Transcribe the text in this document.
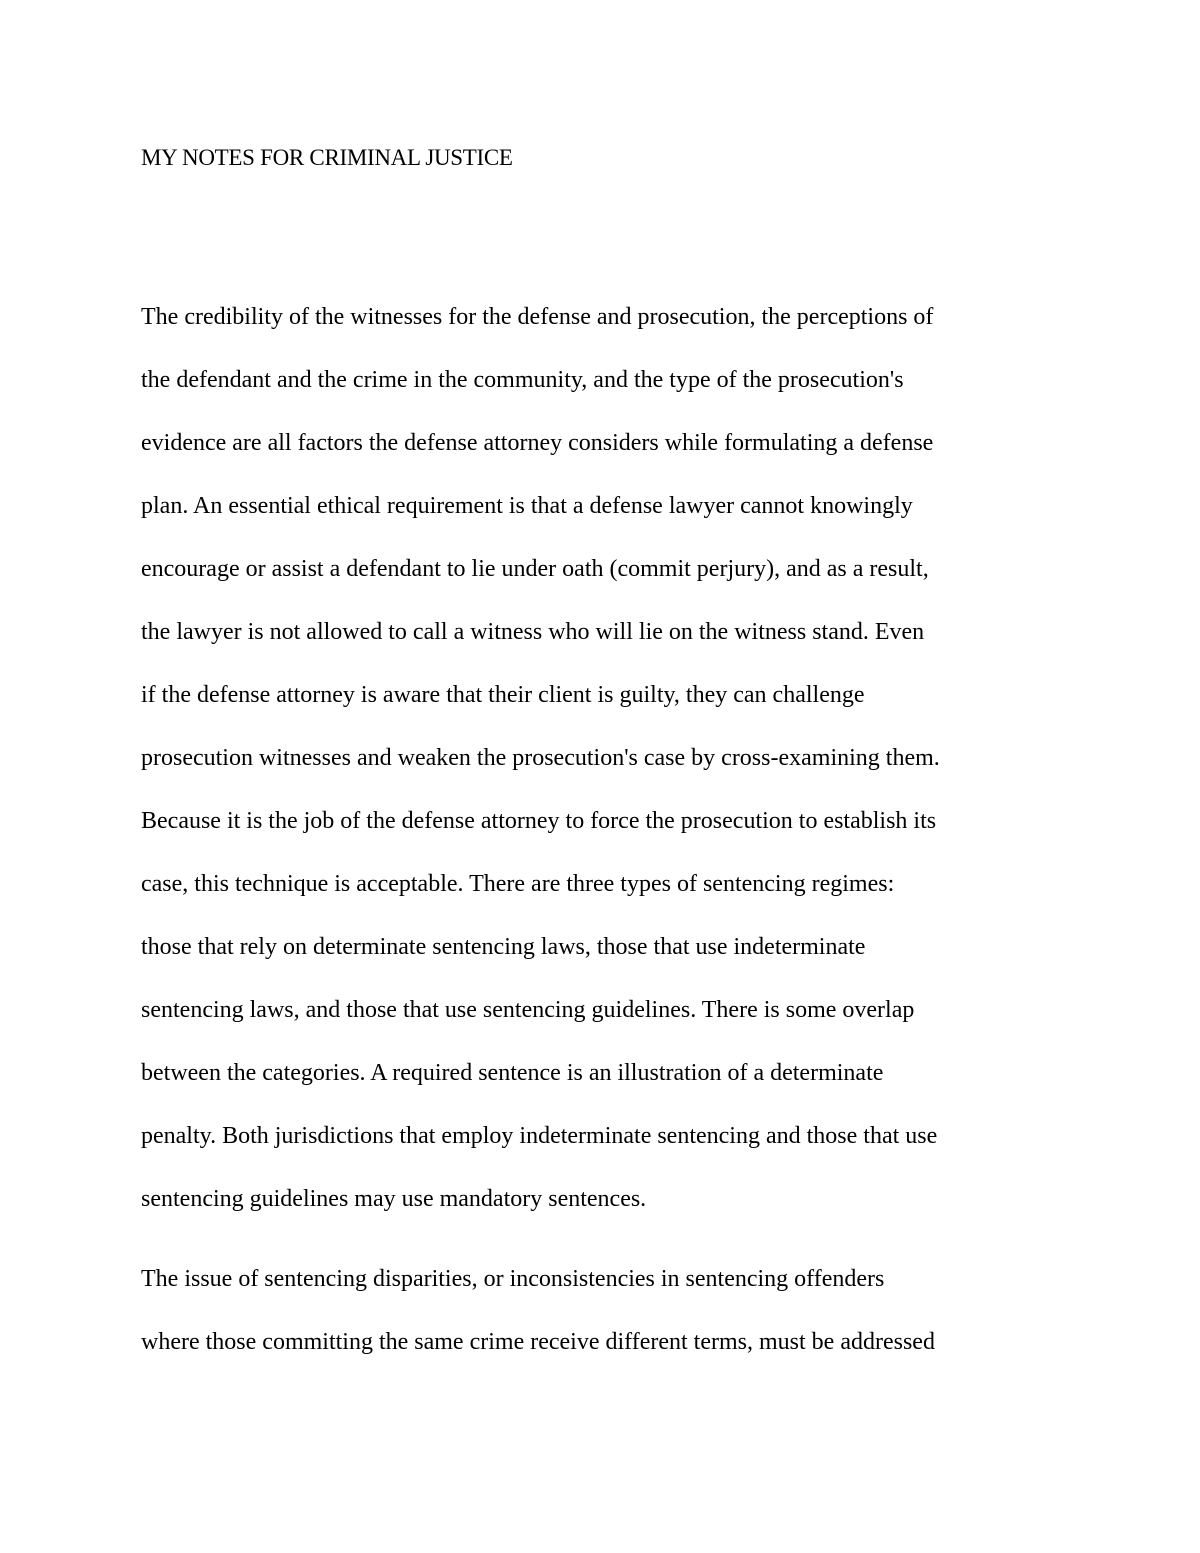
MY NOTES FOR CRIMINAL JUSTICE

The credibility of the witnesses for the defense and prosecution, the perceptions of

the defendant and the crime in the community, and the type of the prosecution's

evidence are all factors the defense attorney considers while formulating a defense

plan. An essential ethical requirement is that a defense lawyer cannot knowingly

encourage or assist a defendant to lie under oath (commit perjury), and as a result,

the lawyer is not allowed to call a witness who will lie on the witness stand. Even

if the defense attorney is aware that their client is guilty, they can challenge

prosecution witnesses and weaken the prosecution's case by cross-examining them.

Because it is the job of the defense attorney to force the prosecution to establish its

case, this technique is acceptable. There are three types of sentencing regimes:

those that rely on determinate sentencing laws, those that use indeterminate

sentencing laws, and those that use sentencing guidelines. There is some overlap

between the categories. A required sentence is an illustration of a determinate

penalty. Both jurisdictions that employ indeterminate sentencing and those that use

sentencing guidelines may use mandatory sentences.

The issue of sentencing disparities, or inconsistencies in sentencing offenders

where those committing the same crime receive different terms, must be addressed
